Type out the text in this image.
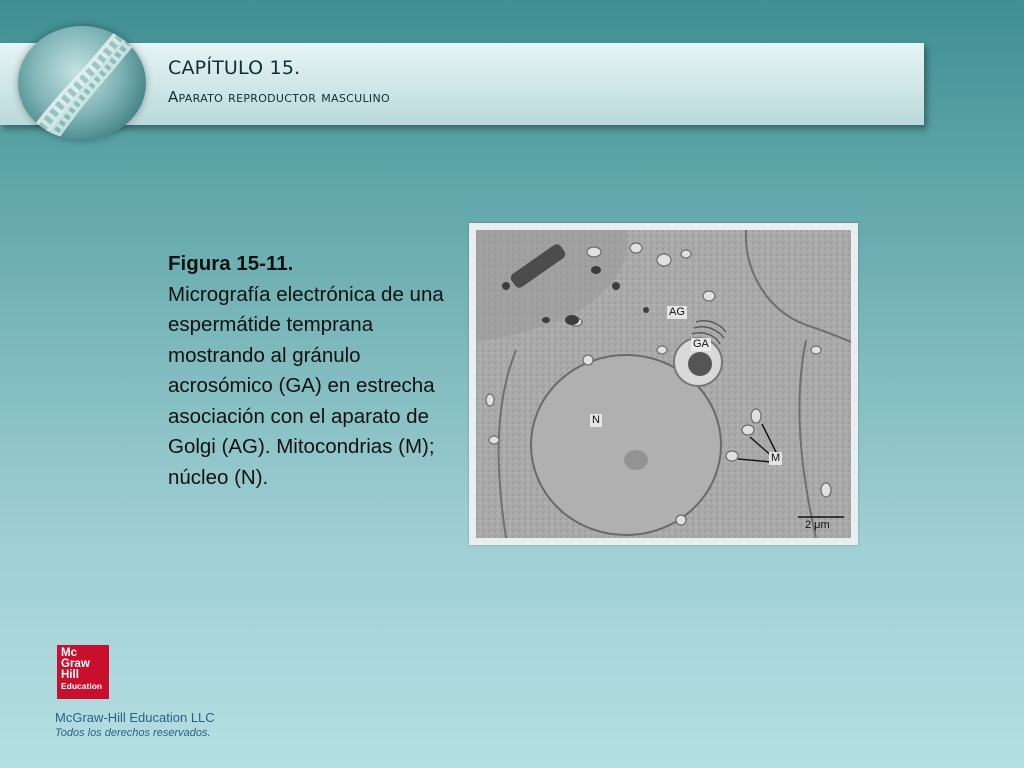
CAPÍTULO 15.
Aparato reproductor masculino
Figura 15-11.
Micrografía electrónica de una espermátide temprana mostrando al gránulo acrosómico (GA) en estrecha asociación con el aparato de Golgi (AG). Mitocondrias (M); núcleo (N).
AG
GA
N
M
2 μm
Mc
Graw
Hill
Education
McGraw-Hill Education LLC
Todos los derechos reservados.
